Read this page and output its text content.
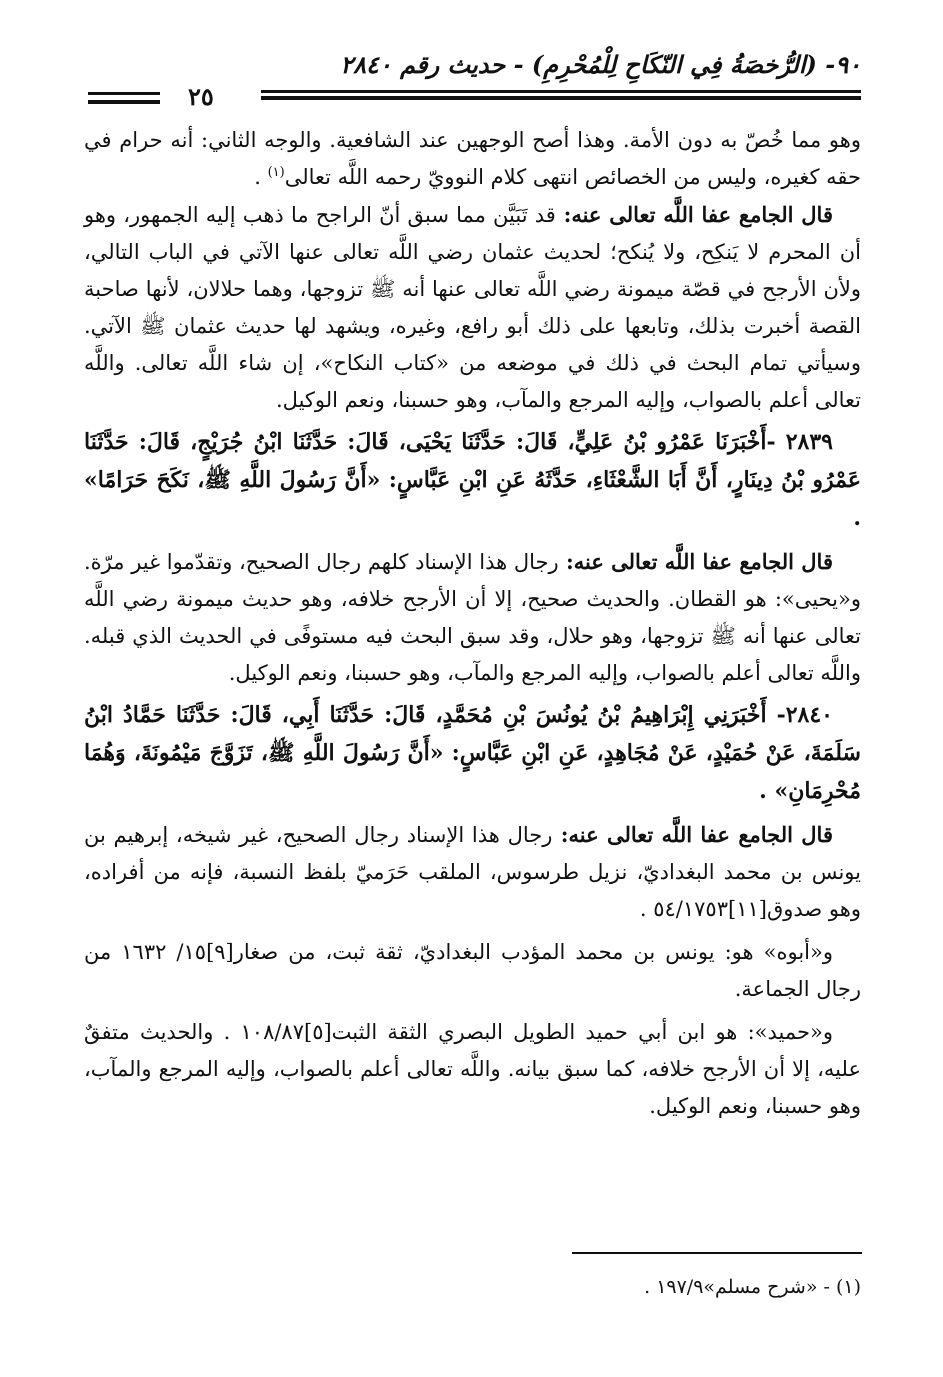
٩٠- (الرُّخصَةُ فِي النّكَاحِ لِلْمُحْرِمِ) - حديث رقم ٢٨٤٠
٢٥

وهو مما خُصّ به دون الأمة. وهذا أصح الوجهين عند الشافعية. والوجه الثاني: أنه حرام في حقه كغيره، وليس من الخصائص انتهى كلام النوويّ رحمه اللَّه تعالى$^{(١)}$ .

قال الجامع عفا اللَّه تعالى عنه: قد تَبَيَّن مما سبق أنّ الراجح ما ذهب إليه الجمهور، وهو أن المحرم لا يَنكِح، ولا يُنكح؛ لحديث عثمان رضي اللَّه تعالى عنها الآتي في الباب التالي، ولأن الأرجح في قصّة ميمونة رضي اللَّه تعالى عنها أنه ﷺ تزوجها، وهما حلالان، لأنها صاحبة القصة أخبرت بذلك، وتابعها على ذلك أبو رافع، وغيره، ويشهد لها حديث عثمان ﷺ الآتي. وسيأتي تمام البحث في ذلك في موضعه من «كتاب النكاح»، إن شاء اللَّه تعالى. واللَّه تعالى أعلم بالصواب، وإليه المرجع والمآب، وهو حسبنا، ونعم الوكيل.

٢٨٣٩ -أَخْبَرَنَا عَمْرُو بْنُ عَلِيٍّ، قَالَ: حَدَّثَنَا يَحْيَى، قَالَ: حَدَّثَنَا ابْنُ جُرَيْجٍ، قَالَ: حَدَّثَنَا عَمْرُو بْنُ دِينَارٍ، أَنَّ أَبَا الشَّعْثَاءِ، حَدَّثَهُ عَنِ ابْنِ عَبَّاسٍ: «أَنَّ رَسُولَ اللَّهِ ﷺ، نَكَحَ حَرَامًا» .

قال الجامع عفا اللَّه تعالى عنه: رجال هذا الإسناد كلهم رجال الصحيح، وتقدّموا غير مرّة. و«يحيى»: هو القطان. والحديث صحيح، إلا أن الأرجح خلافه، وهو حديث ميمونة رضي اللَّه تعالى عنها أنه ﷺ تزوجها، وهو حلال، وقد سبق البحث فيه مستوفًى في الحديث الذي قبله. واللَّه تعالى أعلم بالصواب، وإليه المرجع والمآب، وهو حسبنا، ونعم الوكيل.

٢٨٤٠- أَخْبَرَنِي إِبْرَاهِيمُ بْنُ يُونُسَ بْنِ مُحَمَّدٍ، قَالَ: حَدَّثَنَا أَبِي، قَالَ: حَدَّثَنَا حَمَّادُ ابْنُ سَلَمَةَ، عَنْ حُمَيْدٍ، عَنْ مُجَاهِدٍ، عَنِ ابْنِ عَبَّاسٍ: «أَنَّ رَسُولَ اللَّهِ ﷺ، تَزَوَّجَ مَيْمُونَةَ، وَهُمَا مُحْرِمَانِ» .

قال الجامع عفا اللَّه تعالى عنه: رجال هذا الإسناد رجال الصحيح، غير شيخه، إبرهيم بن يونس بن محمد البغداديّ، نزيل طرسوس، الملقب حَرَميّ بلفظ النسبة، فإنه من أفراده، وهو صدوق[١١]٥٤/١٧٥٣ .

و«أبوه» هو: يونس بن محمد المؤدب البغداديّ، ثقة ثبت، من صغار[٩]١٥/ ١٦٣٢ من رجال الجماعة.

و«حميد»: هو ابن أبي حميد الطويل البصري الثقة الثبت[٥]١٠٨/٨٧ . والحديث متفقٌ عليه، إلا أن الأرجح خلافه، كما سبق بيانه. واللَّه تعالى أعلم بالصواب، وإليه المرجع والمآب، وهو حسبنا، ونعم الوكيل.

(١) - «شرح مسلم»١٩٧/٩ .
